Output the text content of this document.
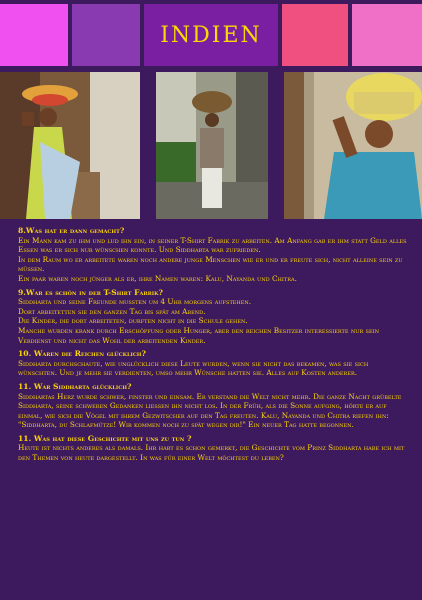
INDIEN
8.Was hat er dann gemacht?

Ein Mann kam zu ihm und lud ihn ein, in seiner T-Shirt Fabrik zu arbeiten. Am Anfang gab er ihm statt Geld alles Essen was er sich nur wünschen konnte. Und Siddharta war zufrieden.

In dem Raum wo er arbeitete waren noch andere junge Menschen wie er und er freute sich, nicht alleine sein zu müssen.

Ein paar waren noch jünger als er, ihre Namen waren: Kalu, Nayanda und Chitra.

9.War es schön in der T-Shirt Fabrik?

Siddharta und seine Freunde mussten um 4 Uhr morgens aufstehen.

Dort arbeitetten sie den ganzen Tag bis spät am Abend.

Die Kinder, die dort arbeiteten, durften nicht in die Schule gehen.

Manche wurden krank durch Erschöpfung oder Hunger, aber den reichen Besitzer interessierte nur sein Verdienst und nicht das Wohl der arbeitenden Kinder.

10. Waren die Reichen glücklich?

Siddharta durchschaute, wie unglücklich diese Leute wurden, wenn sie nicht das bekamen, was sie sich wünschten. Und je mehr sie verdienten, umso mehr Wünsche hatten sie. Alles auf Kosten anderer.

11. War Siddharta glücklich?

Siddhartas Herz wurde schwer, finster und einsam. Er verstand die Welt nicht mehr. Die ganze Nacht grübelte Siddharta, seine schweren Gedanken liessen ihn nicht los. In der Früh, als die Sonne aufging, hörte er auf einmal, wie sich die Vögel mit ihrem Gezwitscher auf den Tag freuten. Kalu, Nayanda und Chitra riefen ihn: "Siddharta, du Schlafmütze! Wir kommen noch zu spät wegen dir!" Ein neuer Tag hatte begonnen.

11. Was hat diese Geschichte mit uns zu tun ?

Heute ist nichts anderes als damals. Ihr habt es schon gemerkt, die Geschichte vom Prinz Siddharta habe ich mit den Themen von heute dargestellt. In was für einer Welt möchtest du leben?
